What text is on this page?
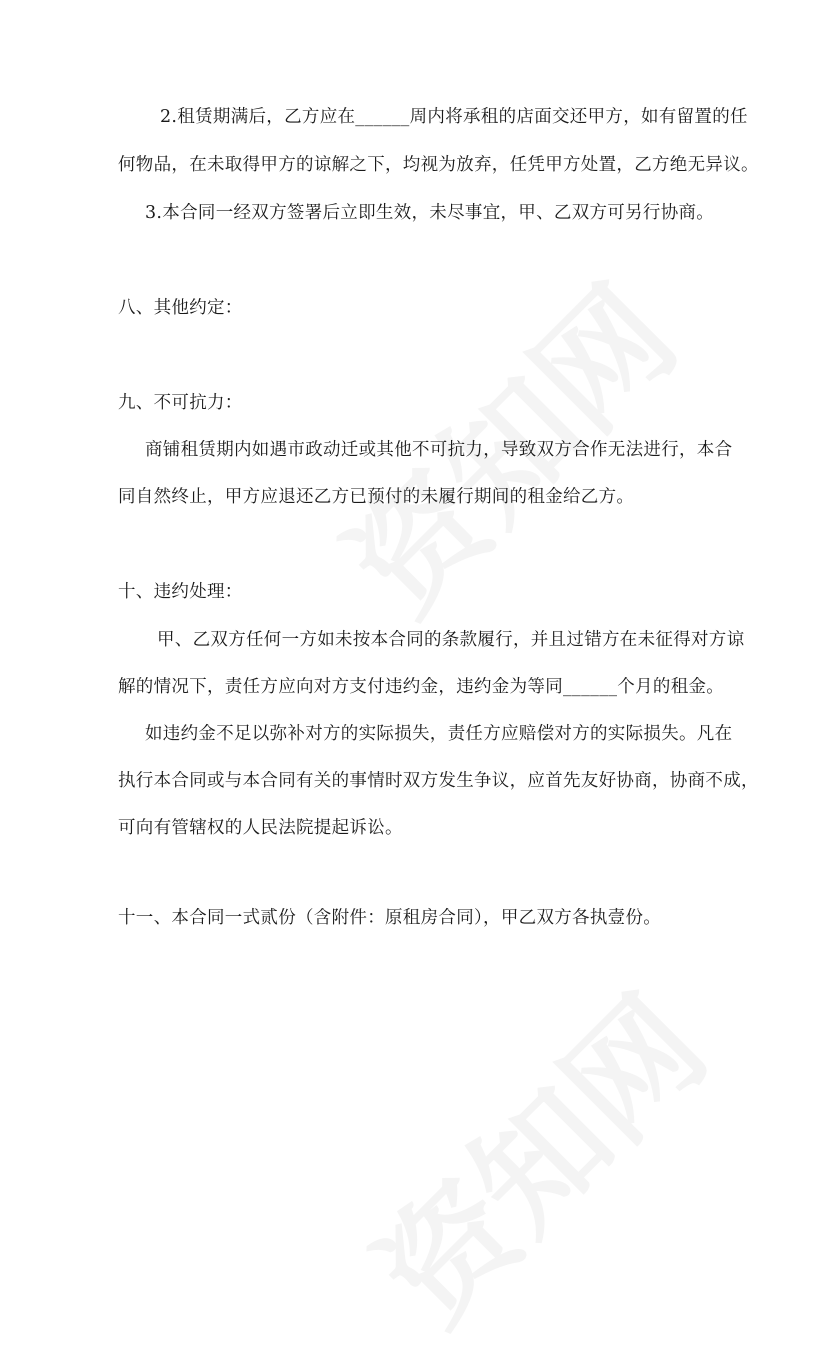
2.租赁期满后，乙方应在______周内将承租的店面交还甲方，如有留置的任
何物品，在未取得甲方的谅解之下，均视为放弃，任凭甲方处置，乙方绝无异议。
3.本合同一经双方签署后立即生效，未尽事宜，甲、乙双方可另行协商。
八、其他约定：
九、不可抗力：
商铺租赁期内如遇市政动迁或其他不可抗力，导致双方合作无法进行，本合
同自然终止，甲方应退还乙方已预付的未履行期间的租金给乙方。
十、违约处理：
甲、乙双方任何一方如未按本合同的条款履行，并且过错方在未征得对方谅
解的情况下，责任方应向对方支付违约金，违约金为等同______个月的租金。
如违约金不足以弥补对方的实际损失，责任方应赔偿对方的实际损失。凡在
执行本合同或与本合同有关的事情时双方发生争议，应首先友好协商，协商不成，
可向有管辖权的人民法院提起诉讼。
十一、本合同一式贰份（含附件：原租房合同），甲乙双方各执壹份。
